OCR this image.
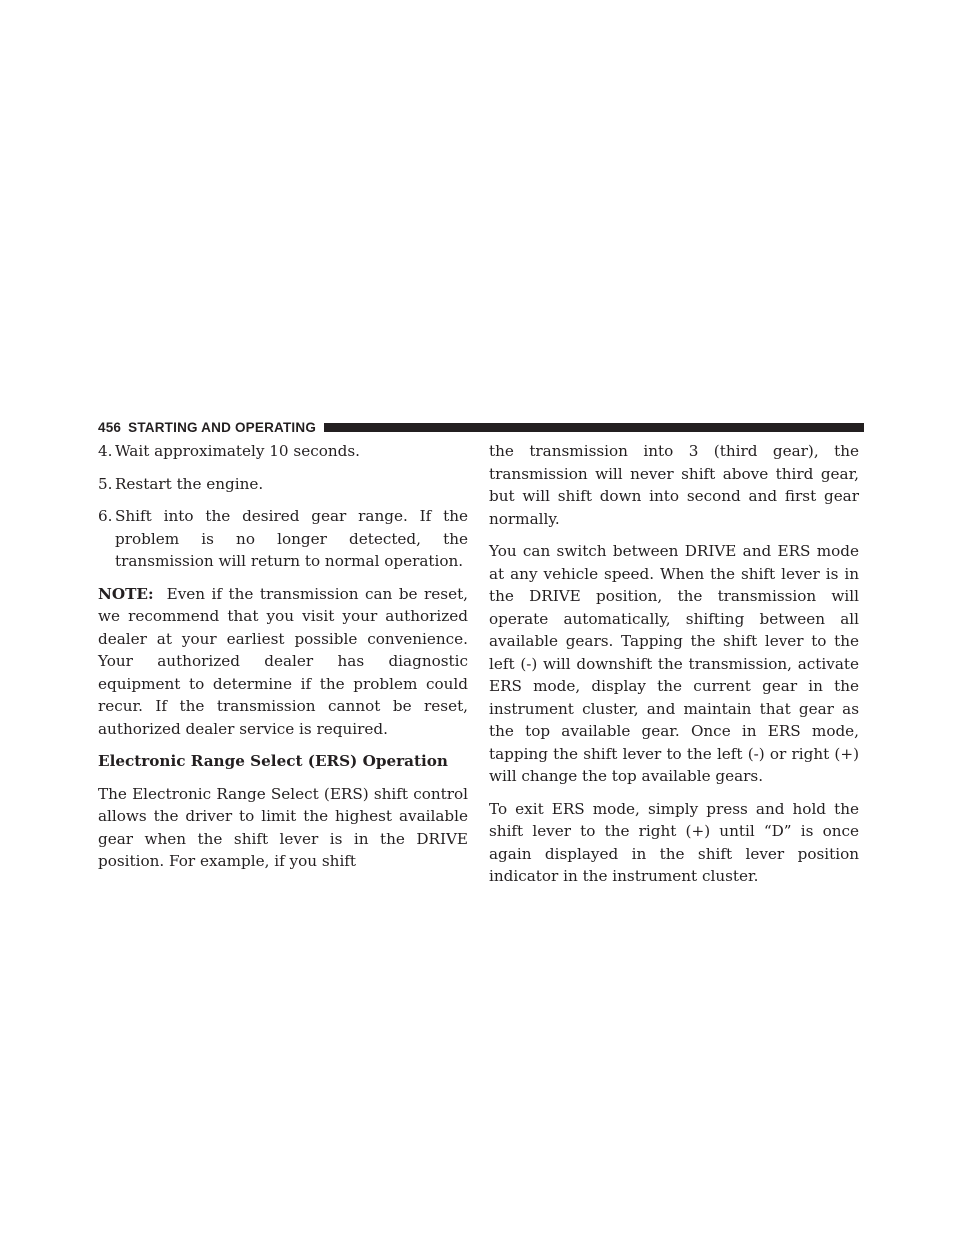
456 STARTING AND OPERATING
4. Wait approximately 10 seconds.
5. Restart the engine.
6. Shift into the desired gear range. If the problem is no longer detected, the transmission will return to normal operation.

NOTE: Even if the transmission can be reset, we recommend that you visit your authorized dealer at your earliest possible convenience. Your authorized dealer has diagnostic equipment to determine if the problem could recur. If the transmission cannot be reset, authorized dealer service is required.

Electronic Range Select (ERS) Operation

The Electronic Range Select (ERS) shift control allows the driver to limit the highest available gear when the shift lever is in the DRIVE position. For example, if you shift

the transmission into 3 (third gear), the transmission will never shift above third gear, but will shift down into second and first gear normally.

You can switch between DRIVE and ERS mode at any vehicle speed. When the shift lever is in the DRIVE position, the transmission will operate automatically, shifting between all available gears. Tapping the shift lever to the left (-) will downshift the transmission, activate ERS mode, display the current gear in the instrument cluster, and maintain that gear as the top available gear. Once in ERS mode, tapping the shift lever to the left (-) or right (+) will change the top available gears.

To exit ERS mode, simply press and hold the shift lever to the right (+) until “D” is once again displayed in the shift lever position indicator in the instrument cluster.
